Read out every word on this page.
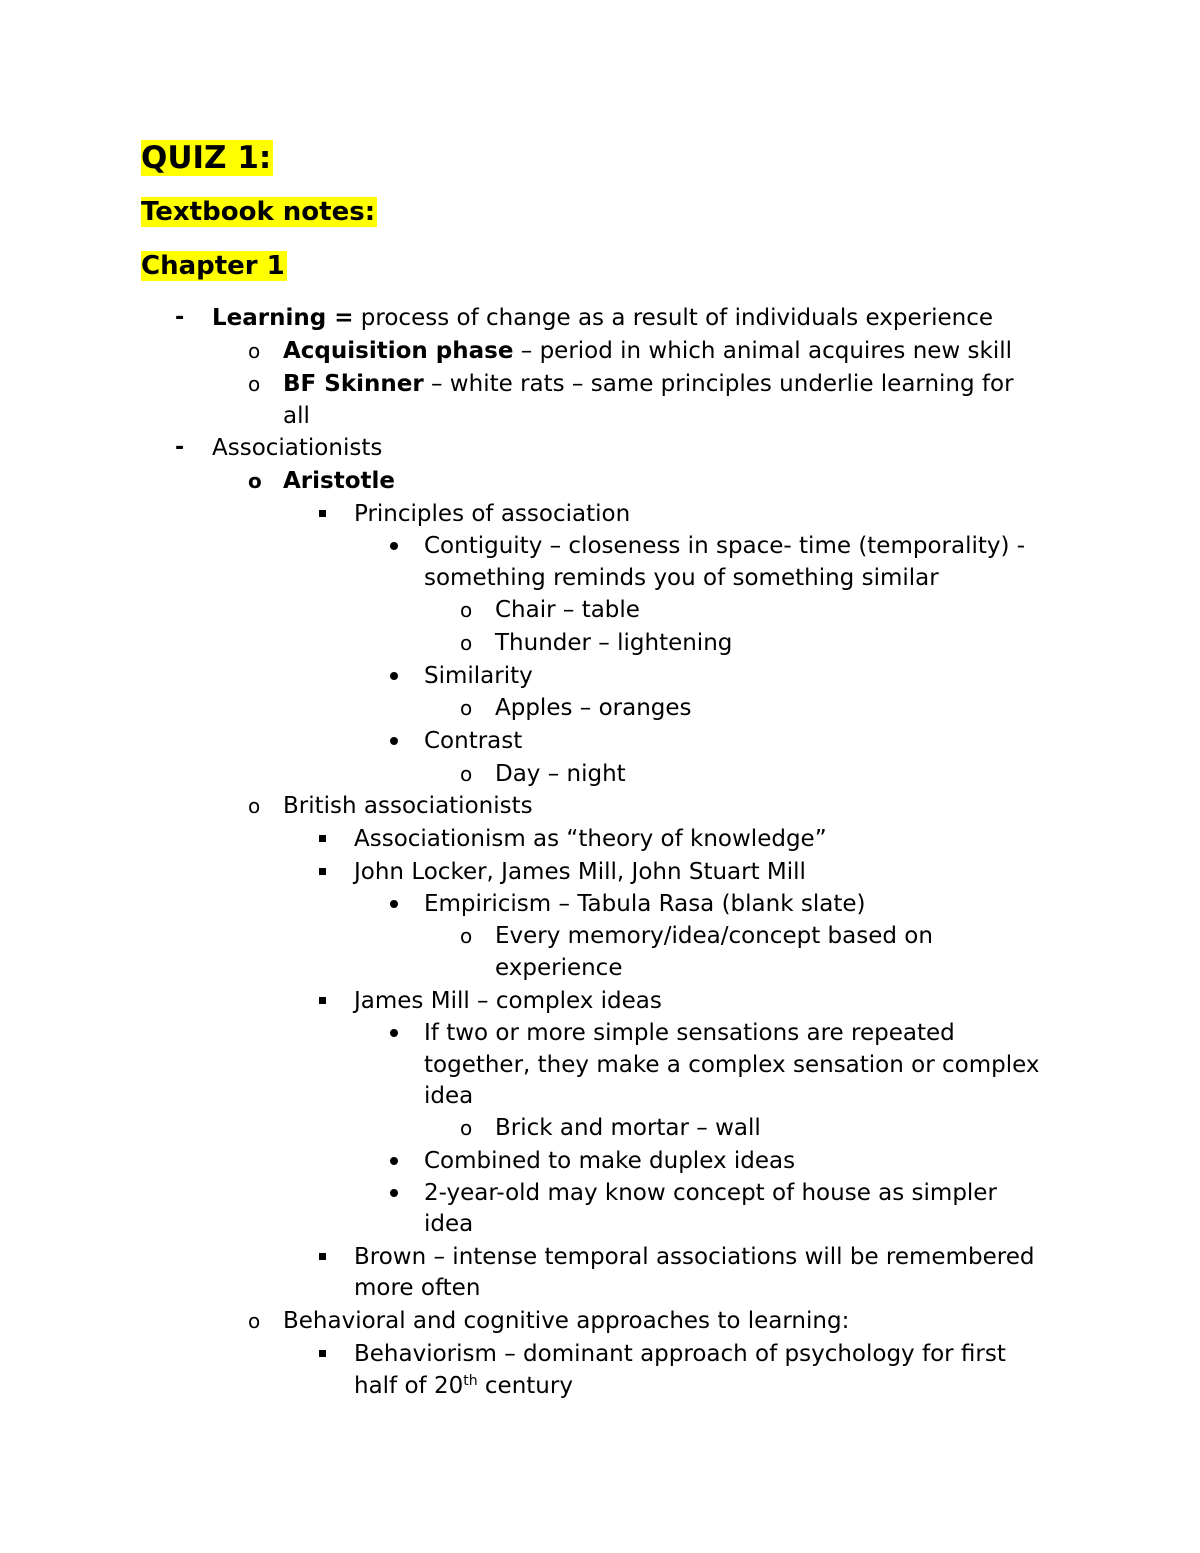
QUIZ 1:
Textbook notes:
Chapter 1
- Learning = process of change as a result of individuals experience
o Acquisition phase – period in which animal acquires new skill
o BF Skinner – white rats – same principles underlie learning for
all
- Associationists
o Aristotle
Principles of association
Contiguity – closeness in space- time (temporality) -
something reminds you of something similar
o Chair – table
o Thunder – lightening
Similarity
o Apples – oranges
Contrast
o Day – night
o British associationists
Associationism as “theory of knowledge”
John Locker, James Mill, John Stuart Mill
Empiricism – Tabula Rasa (blank slate)
o Every memory/idea/concept based on
experience
James Mill – complex ideas
If two or more simple sensations are repeated
together, they make a complex sensation or complex
idea
o Brick and mortar – wall
Combined to make duplex ideas
2-year-old may know concept of house as simpler
idea
Brown – intense temporal associations will be remembered
more often
o Behavioral and cognitive approaches to learning:
Behaviorism – dominant approach of psychology for first
half of 20th century
